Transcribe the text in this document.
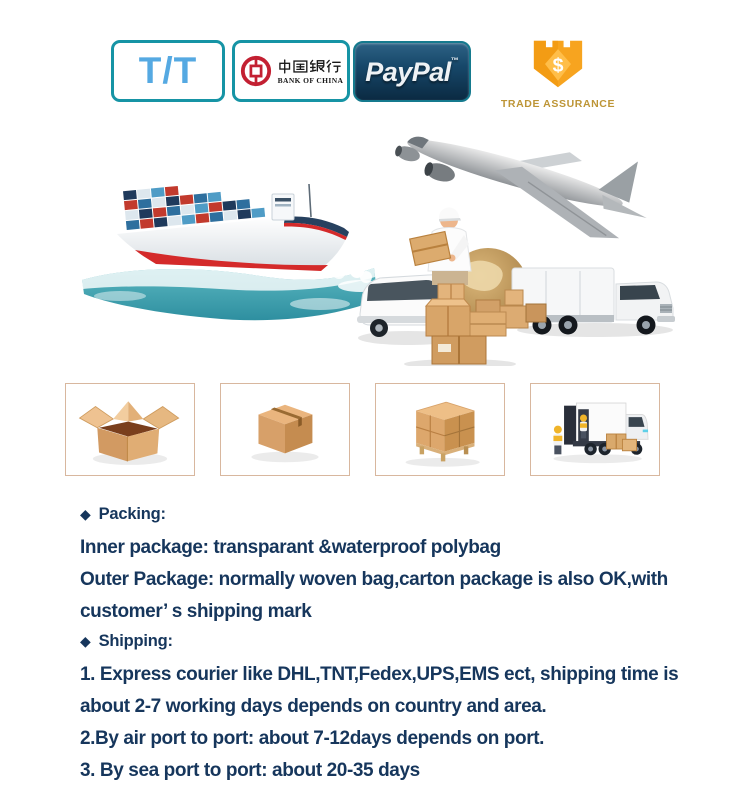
T/T	BANK OF CHINA PayPal™	$
TRADE ASSURANCE
◆ Packing:

Inner package: transparant &waterproof polybag

Outer Package: normally woven bag,carton package is also OK,with

customer’ s shipping mark

◆ Shipping:

1. Express courier like DHL,TNT,Fedex,UPS,EMS ect, shipping time is

about 2-7 working days depends on country and area.

2.By air port to port: about 7-12days depends on port.

3. By sea port to port: about 20-35 days
